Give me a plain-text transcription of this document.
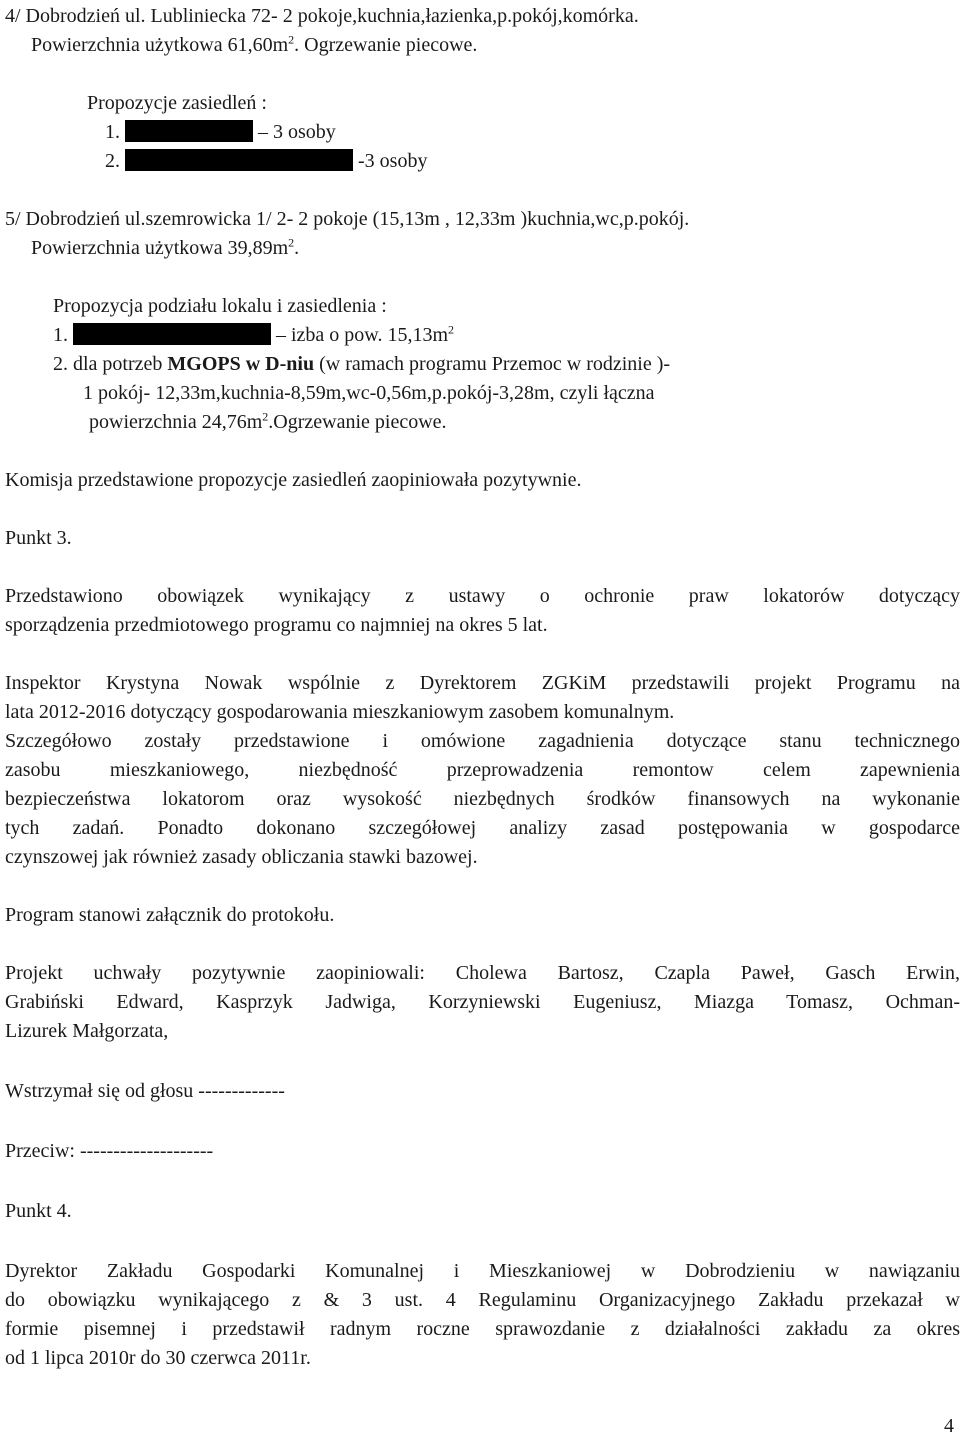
4/ Dobrodzień ul. Lubliniecka 72- 2 pokoje,kuchnia,łazienka,p.pokój,komórka.
Powierzchnia użytkowa $61,60m^2$. Ogrzewanie piecowe.
Propozycje zasiedleń :
1.	– 3 osoby
2.	-3 osoby
5/ Dobrodzień ul.szemrowicka 1/ 2- 2 pokoje (15,13m , 12,33m )kuchnia,wc,p.pokój.
Powierzchnia użytkowa $39,89m^2$.
Propozycja podziału lokalu i zasiedlenia :
1.	– izba o pow. $15,13m^2$
2. dla potrzeb MGOPS w D-niu (w ramach programu Przemoc w rodzinie )-
1 pokój- 12,33m,kuchnia-8,59m,wc-0,56m,p.pokój-3,28m, czyli łączna
powierzchnia $24,76m^2.Ogrzewanie$ piecowe.
Komisja przedstawione propozycje zasiedleń zaopiniowała pozytywnie.
Punkt 3.
Przedstawiono obowiązek wynikający z ustawy o ochronie praw lokatorów dotyczący
sporządzenia przedmiotowego programu co najmniej na okres 5 lat.
Inspektor Krystyna Nowak wspólnie z Dyrektorem ZGKiM przedstawili projekt Programu na
lata 2012-2016 dotyczący gospodarowania mieszkaniowym zasobem komunalnym.
Szczegółowo zostały przedstawione i omówione zagadnienia dotyczące stanu technicznego
zasobu mieszkaniowego, niezbędność przeprowadzenia remontow celem zapewnienia
bezpieczeństwa lokatorom oraz wysokość niezbędnych środków finansowych na wykonanie
tych zadań. Ponadto dokonano szczegółowej analizy zasad postępowania w gospodarce
czynszowej jak również zasady obliczania stawki bazowej.
Program stanowi załącznik do protokołu.
Projekt uchwały pozytywnie zaopiniowali: Cholewa Bartosz, Czapla Paweł, Gasch Erwin,
Grabiński Edward, Kasprzyk Jadwiga, Korzyniewski Eugeniusz, Miazga Tomasz, Ochman-
Lizurek Małgorzata,
Wstrzymał się od głosu -------------
Przeciw: --------------------
Punkt 4.
Dyrektor Zakładu Gospodarki Komunalnej i Mieszkaniowej w Dobrodzieniu w nawiązaniu
do obowiązku wynikającego z & 3 ust. 4 Regulaminu Organizacyjnego Zakładu przekazał w
formie pisemnej i przedstawił radnym roczne sprawozdanie z działalności zakładu za okres
od 1 lipca 2010r do 30 czerwca 2011r.
4
